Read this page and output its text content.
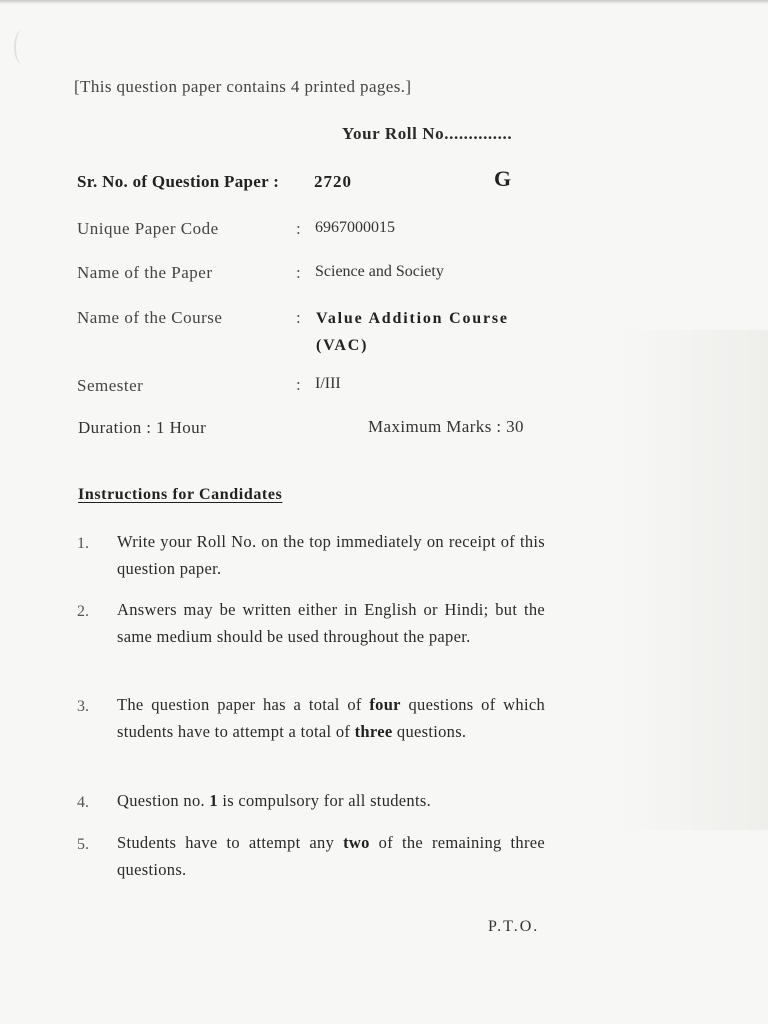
[This question paper contains 4 printed pages.]
Your Roll No..............
Sr. No. of Question Paper : 2720	G
Unique Paper Code	: 6967000015
Name of the Paper	: Science and Society
Name of the Course	: Value Addition Course (VAC)
Semester	: I/III
Duration : 1 Hour	Maximum Marks : 30
Instructions for Candidates
1. Write your Roll No. on the top immediately on receipt of this question paper.
2. Answers may be written either in English or Hindi; but the same medium should be used throughout the paper.
3. The question paper has a total of four questions of which students have to attempt a total of three questions.
4. Question no. 1 is compulsory for all students.
5. Students have to attempt any two of the remaining three questions.
P.T.O.
